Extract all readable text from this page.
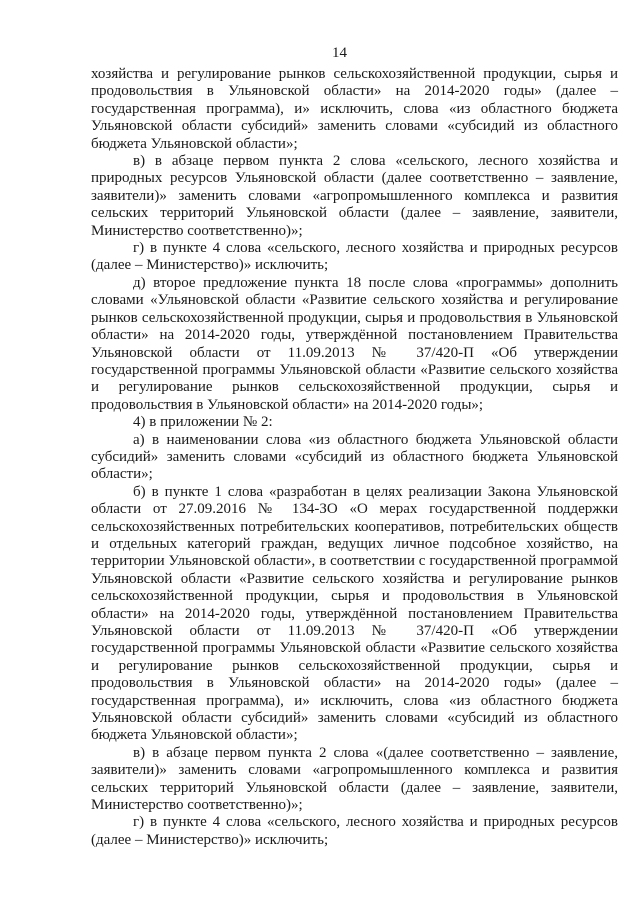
14

хозяйства и регулирование рынков сельскохозяйственной продукции, сырья и продовольствия в Ульяновской области» на 2014-2020 годы» (далее – государственная программа), и» исключить, слова «из областного бюджета Ульяновской области субсидий» заменить словами «субсидий из областного бюджета Ульяновской области»;

в) в абзаце первом пункта 2 слова «сельского, лесного хозяйства и природных ресурсов Ульяновской области (далее соответственно – заявление, заявители)» заменить словами «агропромышленного комплекса и развития сельских территорий Ульяновской области (далее – заявление, заявители, Министерство соответственно)»;

г) в пункте 4 слова «сельского, лесного хозяйства и природных ресурсов (далее – Министерство)» исключить;

д) второе предложение пункта 18 после слова «программы» дополнить словами «Ульяновской области «Развитие сельского хозяйства и регулирование рынков сельскохозяйственной продукции, сырья и продовольствия в Ульяновской области» на 2014-2020 годы, утверждённой постановлением Правительства Ульяновской области от 11.09.2013 № 37/420-П «Об утверждении государственной программы Ульяновской области «Развитие сельского хозяйства и регулирование рынков сельскохозяйственной продукции, сырья и продовольствия в Ульяновской области» на 2014-2020 годы»;

4) в приложении № 2:

а) в наименовании слова «из областного бюджета Ульяновской области субсидий» заменить словами «субсидий из областного бюджета Ульяновской области»;

б) в пункте 1 слова «разработан в целях реализации Закона Ульяновской области от 27.09.2016 № 134-ЗО «О мерах государственной поддержки сельскохозяйственных потребительских кооперативов, потребительских обществ и отдельных категорий граждан, ведущих личное подсобное хозяйство, на территории Ульяновской области», в соответствии с государственной программой Ульяновской области «Развитие сельского хозяйства и регулирование рынков сельскохозяйственной продукции, сырья и продовольствия в Ульяновской области» на 2014-2020 годы, утверждённой постановлением Правительства Ульяновской области от 11.09.2013 № 37/420-П «Об утверждении государственной программы Ульяновской области «Развитие сельского хозяйства и регулирование рынков сельскохозяйственной продукции, сырья и продовольствия в Ульяновской области» на 2014-2020 годы» (далее – государственная программа), и» исключить, слова «из областного бюджета Ульяновской области субсидий» заменить словами «субсидий из областного бюджета Ульяновской области»;

в) в абзаце первом пункта 2 слова «(далее соответственно – заявление, заявители)» заменить словами «агропромышленного комплекса и развития сельских территорий Ульяновской области (далее – заявление, заявители, Министерство соответственно)»;

г) в пункте 4 слова «сельского, лесного хозяйства и природных ресурсов (далее – Министерство)» исключить;
